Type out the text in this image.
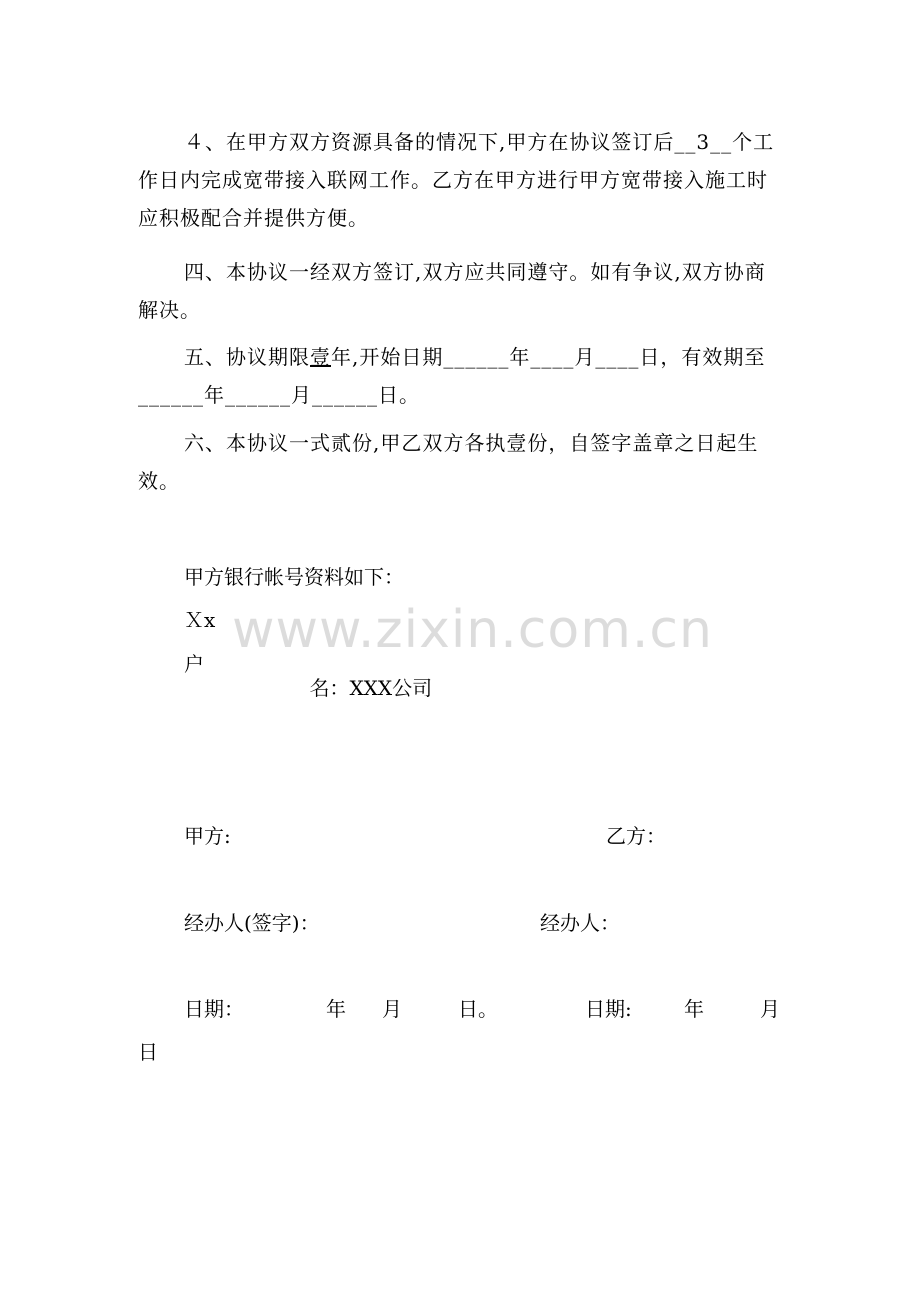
４、在甲方双方资源具备的情况下,甲方在协议签订后__3__个工作日内完成宽带接入联网工作。乙方在甲方进行甲方宽带接入施工时应积极配合并提供方便。
四、本协议一经双方签订,双方应共同遵守。如有争议,双方协商解决。
五、协议期限壹年,开始日期______年____月____日，有效期至______年______月______日。
六、本协议一式贰份,甲乙双方各执壹份，自签字盖章之日起生效。
甲方银行帐号资料如下：
Ｘx
户

名：XXX公司

www.zixin.com.cn
甲方:	乙方：
经办人(签字)：	经办人：
日期：	年 月	日。	日期:	年	月
日
